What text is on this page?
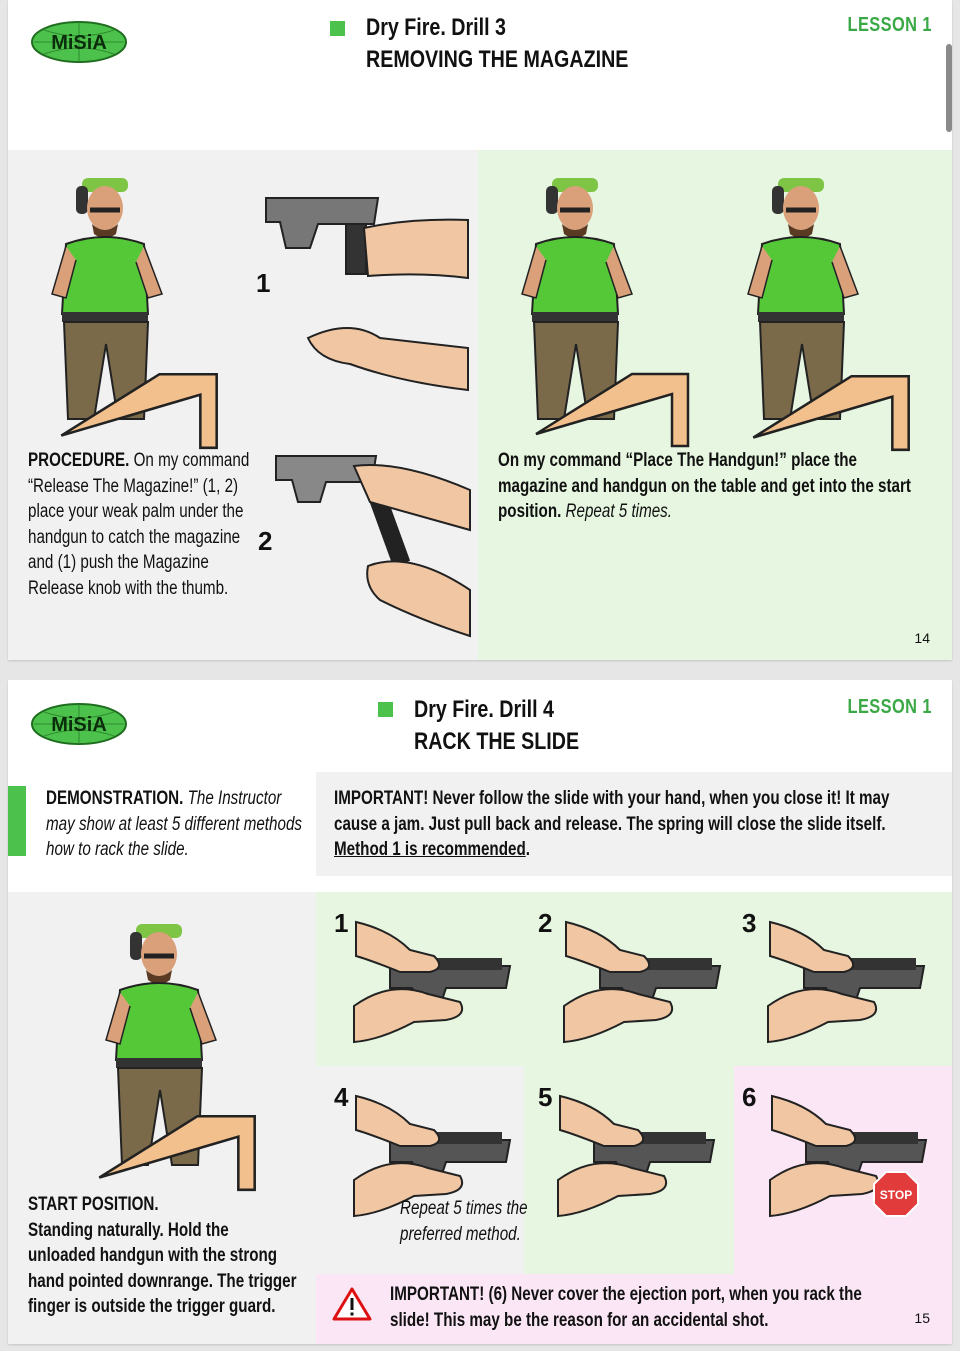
MiSiA
Dry Fire. Drill 3
REMOVING THE MAGAZINE
LESSON 1
1
2
PROCEDURE. On my command “Release The Magazine!” (1, 2) place your weak palm under the handgun to catch the magazine and (1) push the Magazine Release knob with the thumb.
On my command “Place The Handgun!” place the magazine and handgun on the table and get into the start position. Repeat 5 times.
14
MiSiA
Dry Fire. Drill 4
RACK THE SLIDE
LESSON 1
DEMONSTRATION. The Instructor may show at least 5 different methods how to rack the slide.
IMPORTANT! Never follow the slide with your hand, when you close it! It may cause a jam. Just pull back and release. The spring will close the slide itself. Method 1 is recommended.
START POSITION.
Standing naturally. Hold the unloaded handgun with the strong hand pointed downrange. The trigger finger is outside the trigger guard.
1	2	3
4	5	6
STOP
Repeat 5 times the preferred method.
IMPORTANT! (6) Never cover the ejection port, when you rack the slide! This may be the reason for an accidental shot.	15
